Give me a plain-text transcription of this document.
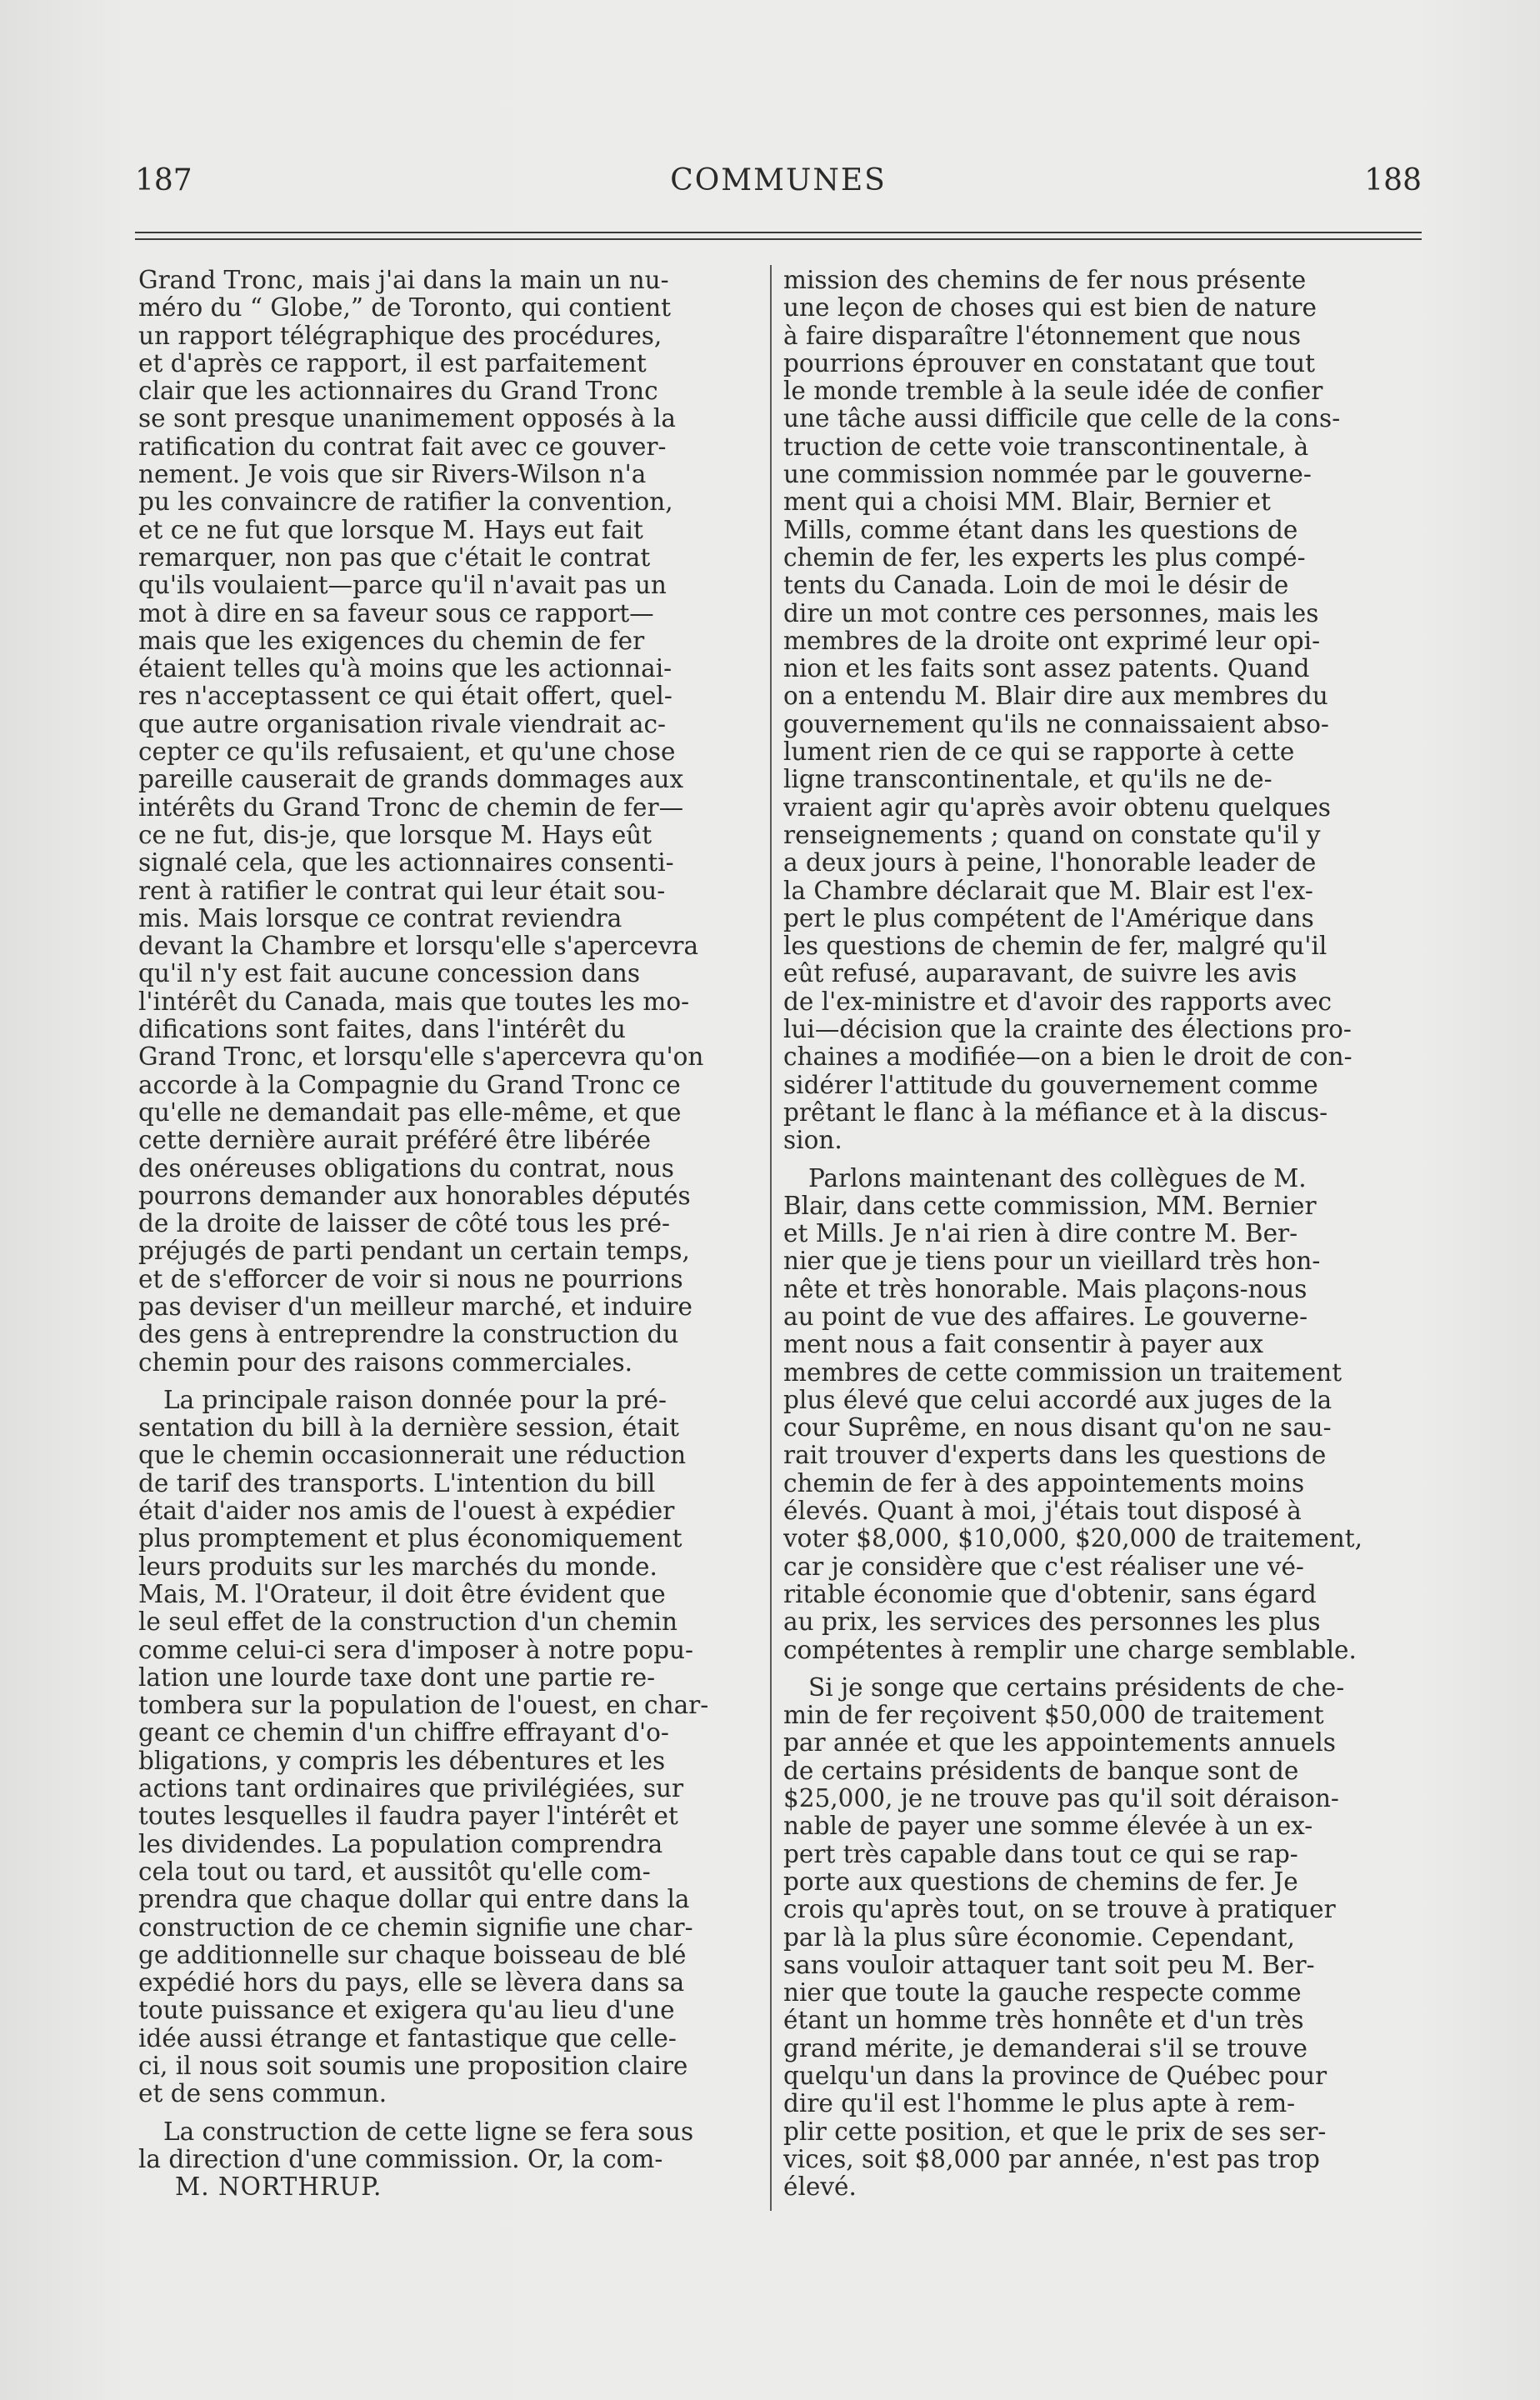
187	COMMUNES	188
Grand Tronc, mais j'ai dans la main un nu-
méro du “ Globe,” de Toronto, qui contient
un rapport télégraphique des procédures,
et d'après ce rapport, il est parfaitement
clair que les actionnaires du Grand Tronc
se sont presque unanimement opposés à la
ratification du contrat fait avec ce gouver-
nement. Je vois que sir Rivers-Wilson n'a
pu les convaincre de ratifier la convention,
et ce ne fut que lorsque M. Hays eut fait
remarquer, non pas que c'était le contrat
qu'ils voulaient—parce qu'il n'avait pas un
mot à dire en sa faveur sous ce rapport—
mais que les exigences du chemin de fer
étaient telles qu'à moins que les actionnai-
res n'acceptassent ce qui était offert, quel-
que autre organisation rivale viendrait ac-
cepter ce qu'ils refusaient, et qu'une chose
pareille causerait de grands dommages aux
intérêts du Grand Tronc de chemin de fer—
ce ne fut, dis-je, que lorsque M. Hays eût
signalé cela, que les actionnaires consenti-
rent à ratifier le contrat qui leur était sou-
mis. Mais lorsque ce contrat reviendra
devant la Chambre et lorsqu'elle s'apercevra
qu'il n'y est fait aucune concession dans
l'intérêt du Canada, mais que toutes les mo-
difications sont faites, dans l'intérêt du
Grand Tronc, et lorsqu'elle s'apercevra qu'on
accorde à la Compagnie du Grand Tronc ce
qu'elle ne demandait pas elle-même, et que
cette dernière aurait préféré être libérée
des onéreuses obligations du contrat, nous
pourrons demander aux honorables députés
de la droite de laisser de côté tous les pré-
préjugés de parti pendant un certain temps,
et de s'efforcer de voir si nous ne pourrions
pas deviser d'un meilleur marché, et induire
des gens à entreprendre la construction du
chemin pour des raisons commerciales.
La principale raison donnée pour la pré-
sentation du bill à la dernière session, était
que le chemin occasionnerait une réduction
de tarif des transports. L'intention du bill
était d'aider nos amis de l'ouest à expédier
plus promptement et plus économiquement
leurs produits sur les marchés du monde.
Mais, M. l'Orateur, il doit être évident que
le seul effet de la construction d'un chemin
comme celui-ci sera d'imposer à notre popu-
lation une lourde taxe dont une partie re-
tombera sur la population de l'ouest, en char-
geant ce chemin d'un chiffre effrayant d'o-
bligations, y compris les débentures et les
actions tant ordinaires que privilégiées, sur
toutes lesquelles il faudra payer l'intérêt et
les dividendes. La population comprendra
cela tout ou tard, et aussitôt qu'elle com-
prendra que chaque dollar qui entre dans la
construction de ce chemin signifie une char-
ge additionnelle sur chaque boisseau de blé
expédié hors du pays, elle se lèvera dans sa
toute puissance et exigera qu'au lieu d'une
idée aussi étrange et fantastique que celle-
ci, il nous soit soumis une proposition claire
et de sens commun.
La construction de cette ligne se fera sous
la direction d'une commission. Or, la com-
M. NORTHRUP.
mission des chemins de fer nous présente
une leçon de choses qui est bien de nature
à faire disparaître l'étonnement que nous
pourrions éprouver en constatant que tout
le monde tremble à la seule idée de confier
une tâche aussi difficile que celle de la cons-
truction de cette voie transcontinentale, à
une commission nommée par le gouverne-
ment qui a choisi MM. Blair, Bernier et
Mills, comme étant dans les questions de
chemin de fer, les experts les plus compé-
tents du Canada. Loin de moi le désir de
dire un mot contre ces personnes, mais les
membres de la droite ont exprimé leur opi-
nion et les faits sont assez patents. Quand
on a entendu M. Blair dire aux membres du
gouvernement qu'ils ne connaissaient abso-
lument rien de ce qui se rapporte à cette
ligne transcontinentale, et qu'ils ne de-
vraient agir qu'après avoir obtenu quelques
renseignements ; quand on constate qu'il y
a deux jours à peine, l'honorable leader de
la Chambre déclarait que M. Blair est l'ex-
pert le plus compétent de l'Amérique dans
les questions de chemin de fer, malgré qu'il
eût refusé, auparavant, de suivre les avis
de l'ex-ministre et d'avoir des rapports avec
lui—décision que la crainte des élections pro-
chaines a modifiée—on a bien le droit de con-
sidérer l'attitude du gouvernement comme
prêtant le flanc à la méfiance et à la discus-
sion.
Parlons maintenant des collègues de M.
Blair, dans cette commission, MM. Bernier
et Mills. Je n'ai rien à dire contre M. Ber-
nier que je tiens pour un vieillard très hon-
nête et très honorable. Mais plaçons-nous
au point de vue des affaires. Le gouverne-
ment nous a fait consentir à payer aux
membres de cette commission un traitement
plus élevé que celui accordé aux juges de la
cour Suprême, en nous disant qu'on ne sau-
rait trouver d'experts dans les questions de
chemin de fer à des appointements moins
élevés. Quant à moi, j'étais tout disposé à
voter $8,000, $10,000, $20,000 de traitement,
car je considère que c'est réaliser une vé-
ritable économie que d'obtenir, sans égard
au prix, les services des personnes les plus
compétentes à remplir une charge semblable.
Si je songe que certains présidents de che-
min de fer reçoivent $50,000 de traitement
par année et que les appointements annuels
de certains présidents de banque sont de
$25,000, je ne trouve pas qu'il soit déraison-
nable de payer une somme élevée à un ex-
pert très capable dans tout ce qui se rap-
porte aux questions de chemins de fer. Je
crois qu'après tout, on se trouve à pratiquer
par là la plus sûre économie. Cependant,
sans vouloir attaquer tant soit peu M. Ber-
nier que toute la gauche respecte comme
étant un homme très honnête et d'un très
grand mérite, je demanderai s'il se trouve
quelqu'un dans la province de Québec pour
dire qu'il est l'homme le plus apte à rem-
plir cette position, et que le prix de ses ser-
vices, soit $8,000 par année, n'est pas trop
élevé.
